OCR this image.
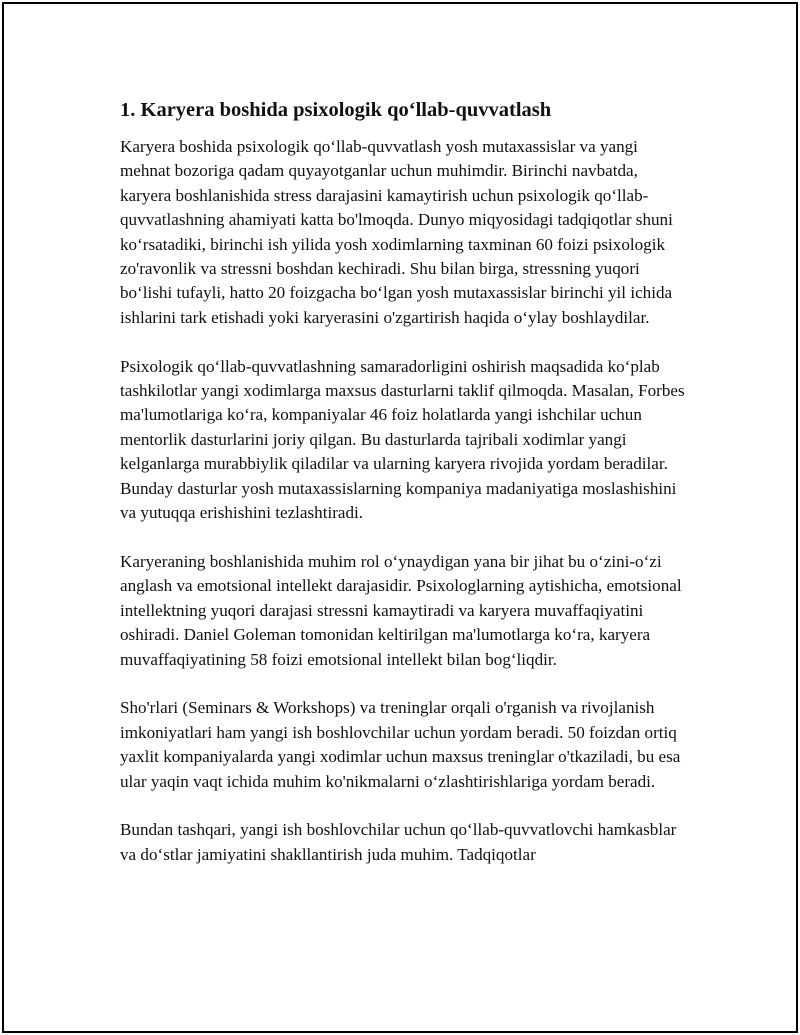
1. Karyera boshida psixologik qo‘llab-quvvatlash

Karyera boshida psixologik qo‘llab-quvvatlash yosh mutaxassislar va yangi mehnat bozoriga qadam quyayotganlar uchun muhimdir. Birinchi navbatda, karyera boshlanishida stress darajasini kamaytirish uchun psixologik qo‘llab-quvvatlashning ahamiyati katta bo'lmoqda. Dunyo miqyosidagi tadqiqotlar shuni ko‘rsatadiki, birinchi ish yilida yosh xodimlarning taxminan 60 foizi psixologik zo'ravonlik va stressni boshdan kechiradi. Shu bilan birga, stressning yuqori bo‘lishi tufayli, hatto 20 foizgacha bo‘lgan yosh mutaxassislar birinchi yil ichida ishlarini tark etishadi yoki karyerasini o'zgartirish haqida o‘ylay boshlaydilar.

Psixologik qo‘llab-quvvatlashning samaradorligini oshirish maqsadida ko‘plab tashkilotlar yangi xodimlarga maxsus dasturlarni taklif qilmoqda. Masalan, Forbes ma'lumotlariga ko‘ra, kompaniyalar 46 foiz holatlarda yangi ishchilar uchun mentorlik dasturlarini joriy qilgan. Bu dasturlarda tajribali xodimlar yangi kelganlarga murabbiylik qiladilar va ularning karyera rivojida yordam beradilar. Bunday dasturlar yosh mutaxassislarning kompaniya madaniyatiga moslashishini va yutuqqa erishishini tezlashtiradi.

Karyeraning boshlanishida muhim rol o‘ynaydigan yana bir jihat bu o‘zini-o‘zi anglash va emotsional intellekt darajasidir. Psixologlarning aytishicha, emotsional intellektning yuqori darajasi stressni kamaytiradi va karyera muvaffaqiyatini oshiradi. Daniel Goleman tomonidan keltirilgan ma'lumotlarga ko‘ra, karyera muvaffaqiyatining 58 foizi emotsional intellekt bilan bog‘liqdir.

Sho'rlari (Seminars & Workshops) va treninglar orqali o'rganish va rivojlanish imkoniyatlari ham yangi ish boshlovchilar uchun yordam beradi. 50 foizdan ortiq yaxlit kompaniyalarda yangi xodimlar uchun maxsus treninglar o'tkaziladi, bu esa ular yaqin vaqt ichida muhim ko'nikmalarni o‘zlashtirishlariga yordam beradi.

Bundan tashqari, yangi ish boshlovchilar uchun qo‘llab-quvvatlovchi hamkasblar va do‘stlar jamiyatini shakllantirish juda muhim. Tadqiqotlar
